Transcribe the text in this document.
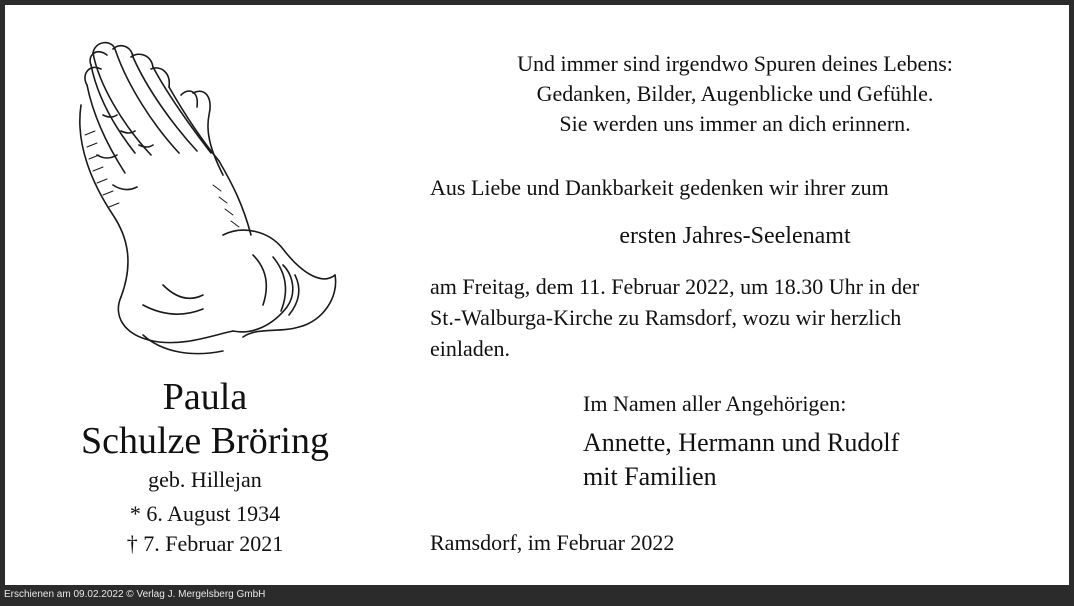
Und immer sind irgendwo Spuren deines Lebens:
Gedanken, Bilder, Augenblicke und Gefühle.
Sie werden uns immer an dich erinnern.
Aus Liebe und Dankbarkeit gedenken wir ihrer zum
ersten Jahres-Seelenamt
am Freitag, dem 11. Februar 2022, um 18.30 Uhr in der
St.-Walburga-Kirche zu Ramsdorf, wozu wir herzlich
einladen.
Im Namen aller Angehörigen:
Annette, Hermann und Rudolf
mit Familien
Ramsdorf, im Februar 2022
Paula
Schulze Bröring
geb. Hillejan
* 6. August 1934
† 7. Februar 2021
Erschienen am 09.02.2022 © Verlag J. Mergelsberg GmbH
